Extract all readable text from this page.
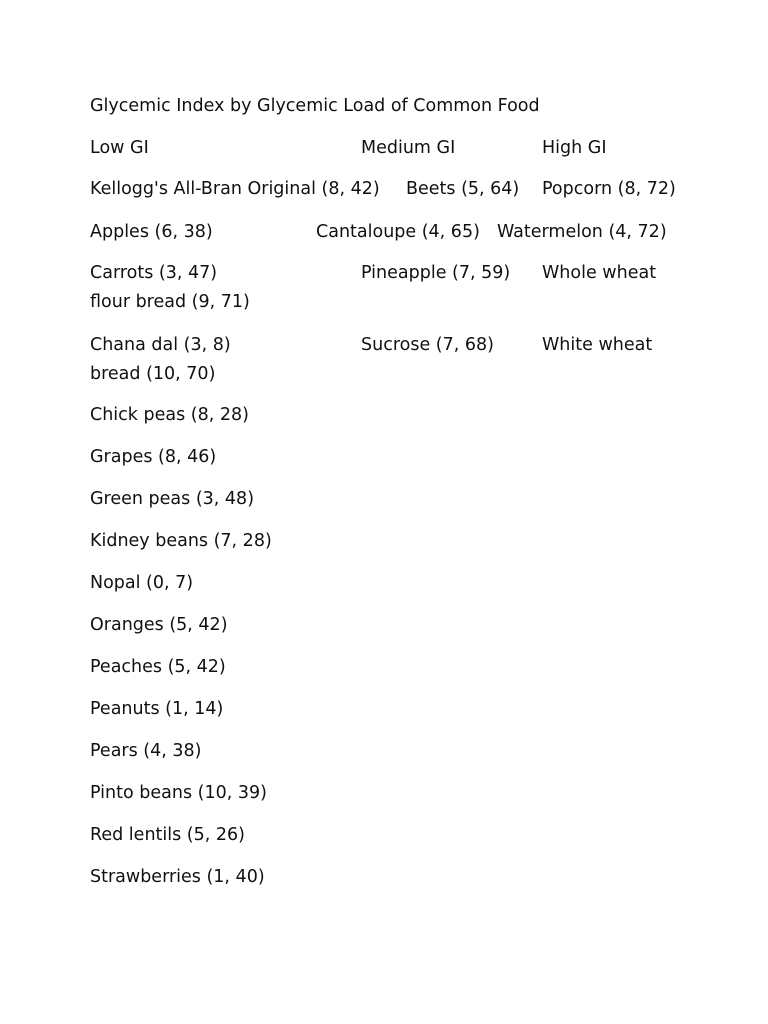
Glycemic Index by Glycemic Load of Common Food
Low GI	Medium GI	High GI
Kellogg's All-Bran Original (8, 42) Beets (5, 64) Popcorn (8, 72)
Apples (6, 38)	Cantaloupe (4, 65) Watermelon (4, 72)
Carrots (3, 47)	Pineapple (7, 59) Whole wheat
flour bread (9, 71)
Chana dal (3, 8)	Sucrose (7, 68)	White wheat
bread (10, 70)
Chick peas (8, 28)
Grapes (8, 46)
Green peas (3, 48)
Kidney beans (7, 28)
Nopal (0, 7)
Oranges (5, 42)
Peaches (5, 42)
Peanuts (1, 14)
Pears (4, 38)
Pinto beans (10, 39)
Red lentils (5, 26)
Strawberries (1, 40)
